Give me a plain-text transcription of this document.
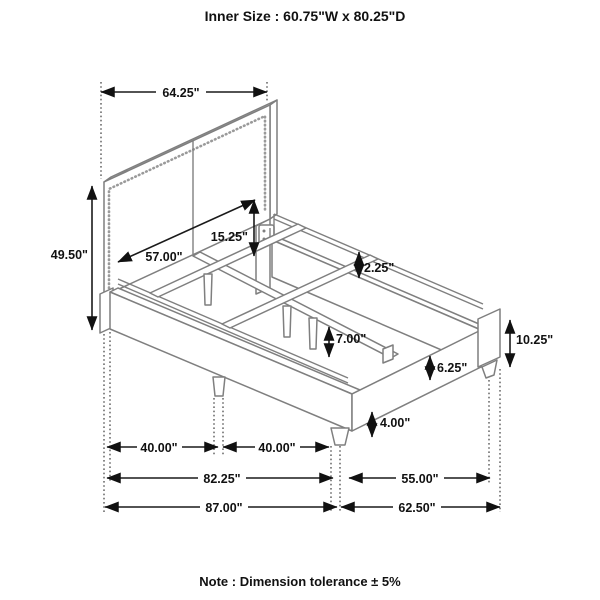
Inner Size : 60.75"W x 80.25"D
64.25"
49.50"	57.00"
15.25"
2.25"
7.00"
6.25"
10.25"
4.00"
40.00"	40.00"
82.25"	55.00"
87.00"	62.50"
Note : Dimension tolerance ± 5%
